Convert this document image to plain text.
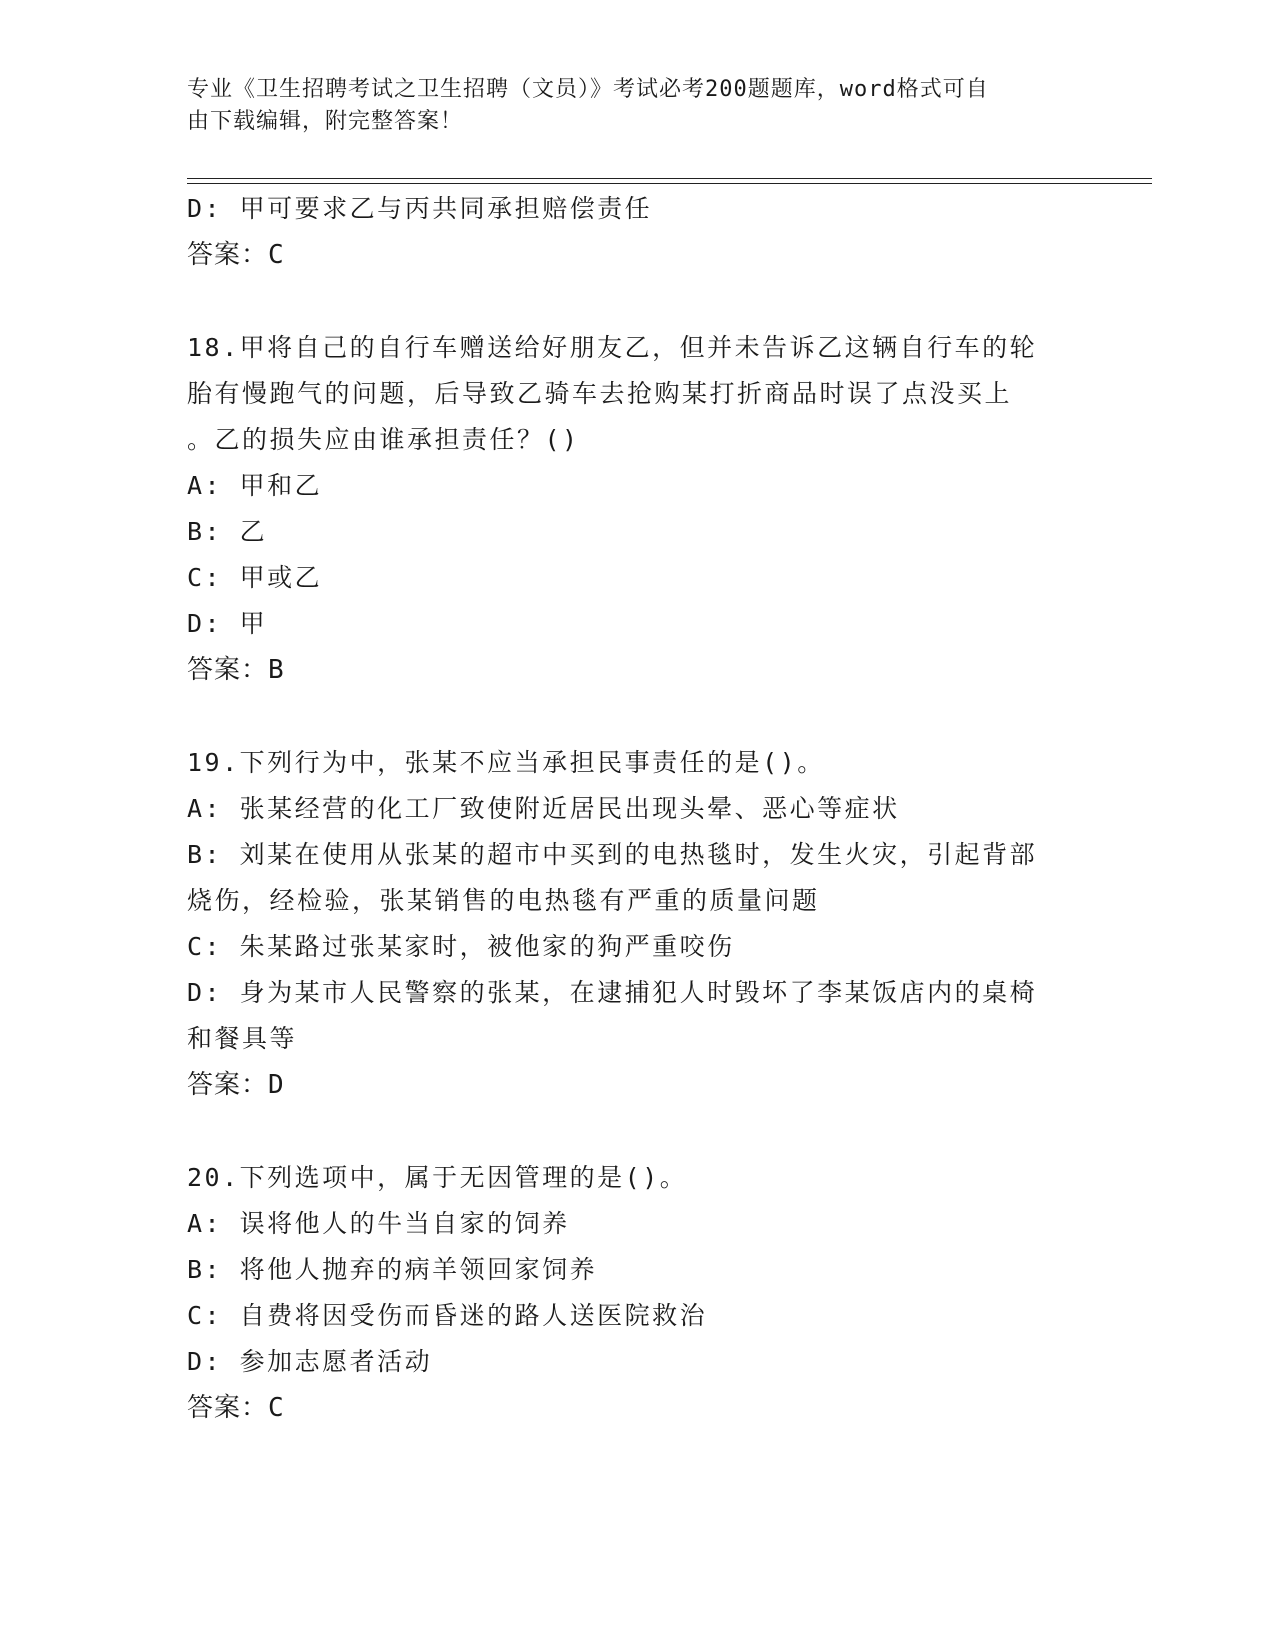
专业《卫生招聘考试之卫生招聘（文员）》考试必考200题题库，word格式可自
由下载编辑，附完整答案！
D: 甲可要求乙与丙共同承担赔偿责任
答案：C
18.甲将自己的自行车赠送给好朋友乙，但并未告诉乙这辆自行车的轮
胎有慢跑气的问题，后导致乙骑车去抢购某打折商品时误了点没买上
。乙的损失应由谁承担责任？()
A: 甲和乙
B: 乙
C: 甲或乙
D: 甲
答案：B
19.下列行为中，张某不应当承担民事责任的是()。
A: 张某经营的化工厂致使附近居民出现头晕、恶心等症状
B: 刘某在使用从张某的超市中买到的电热毯时，发生火灾，引起背部
烧伤，经检验，张某销售的电热毯有严重的质量问题
C: 朱某路过张某家时，被他家的狗严重咬伤
D: 身为某市人民警察的张某，在逮捕犯人时毁坏了李某饭店内的桌椅
和餐具等
答案：D
20.下列选项中，属于无因管理的是()。
A: 误将他人的牛当自家的饲养
B: 将他人抛弃的病羊领回家饲养
C: 自费将因受伤而昏迷的路人送医院救治
D: 参加志愿者活动
答案：C
